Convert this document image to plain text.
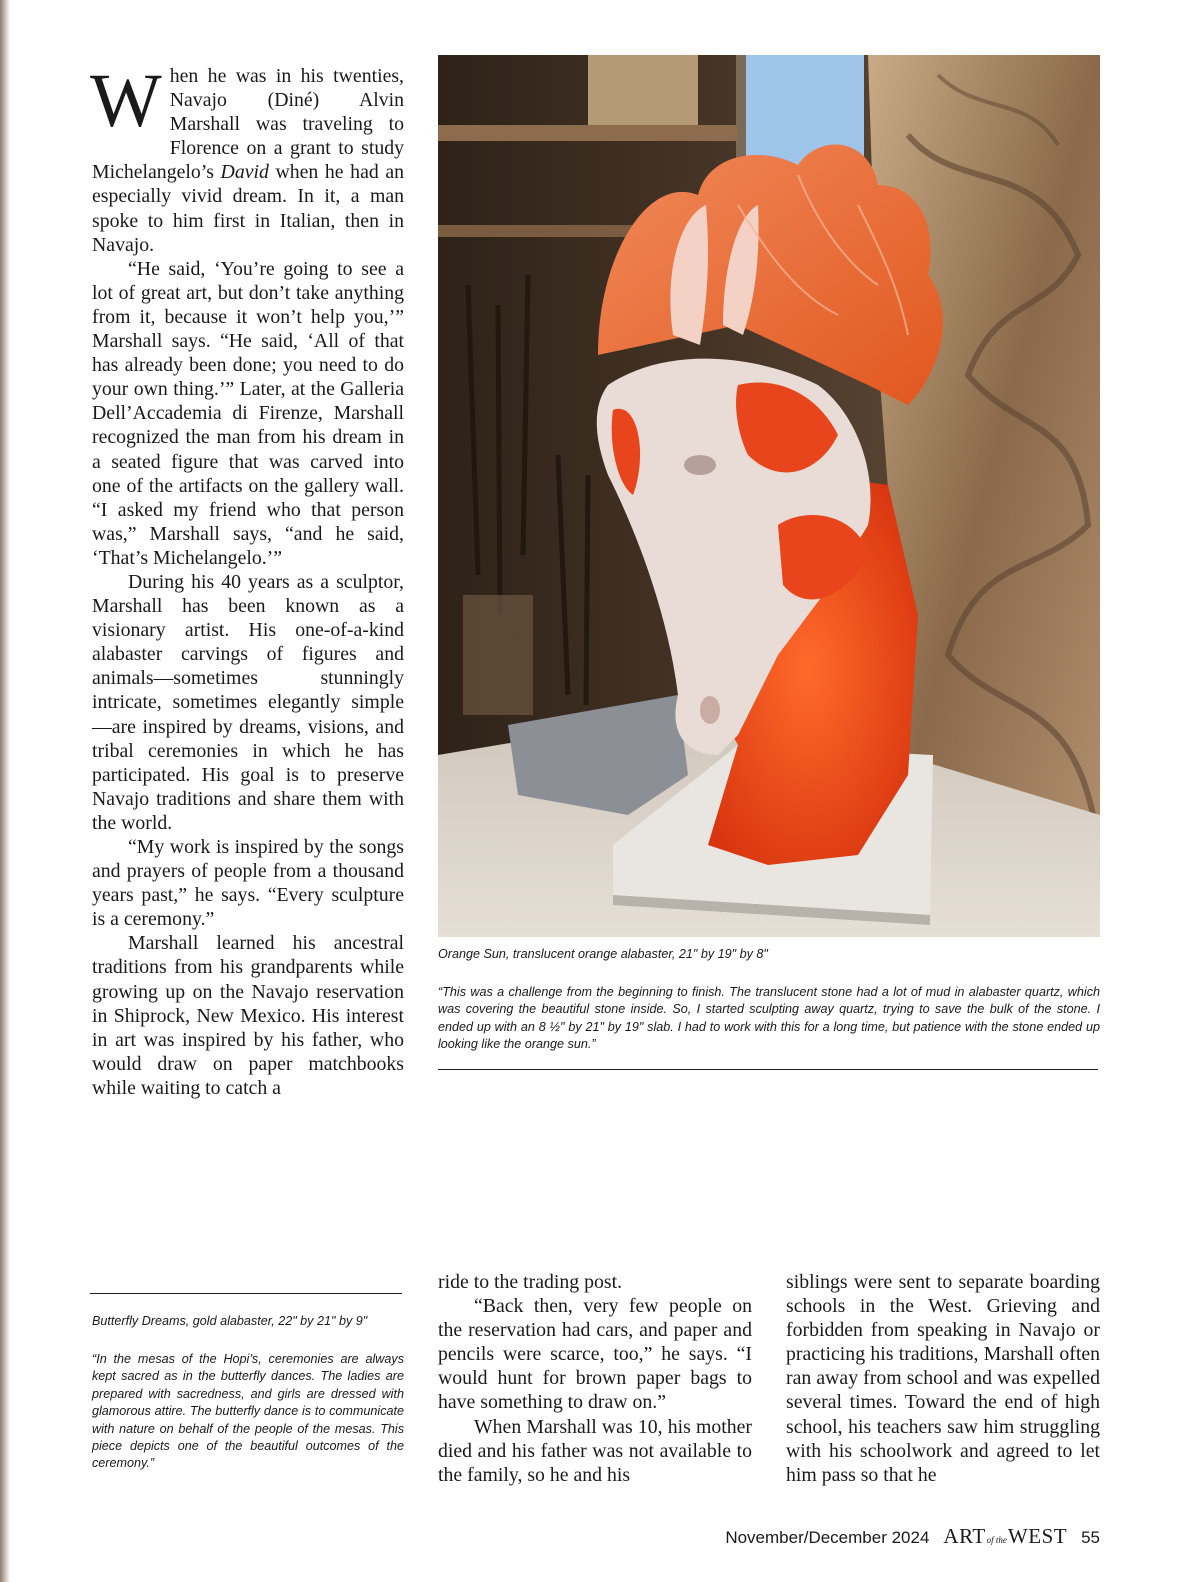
When he was in his twenties, Navajo (Diné) Alvin Marshall was traveling to Florence on a grant to study Michelangelo’s David when he had an especially vivid dream. In it, a man spoke to him first in Italian, then in Navajo.

“He said, ‘You’re going to see a lot of great art, but don’t take anything from it, because it won’t help you,’” Marshall says. “He said, ‘All of that has already been done; you need to do your own thing.’” Later, at the Galleria Dell’Accademia di Firenze, Marshall recognized the man from his dream in a seated figure that was carved into one of the artifacts on the gallery wall. “I asked my friend who that person was,” Marshall says, “and he said, ‘That’s Michelangelo.’”

During his 40 years as a sculptor, Marshall has been known as a visionary artist. His one-of-a-kind alabaster carvings of figures and animals—sometimes stunningly intricate, sometimes elegantly simple—are inspired by dreams, visions, and tribal ceremonies in which he has participated. His goal is to preserve Navajo traditions and share them with the world.

“My work is inspired by the songs and prayers of people from a thousand years past,” he says. “Every sculpture is a ceremony.”

Marshall learned his ancestral traditions from his grandparents while growing up on the Navajo reservation in Shiprock, New Mexico. His interest in art was inspired by his father, who would draw on paper matchbooks while waiting to catch a

Orange Sun, translucent orange alabaster, 21" by 19" by 8"
“This was a challenge from the beginning to finish. The translucent stone had a lot of mud in alabaster quartz, which was covering the beautiful stone inside. So, I started sculpting away quartz, trying to save the bulk of the stone. I ended up with an 8 ½" by 21" by 19" slab. I had to work with this for a long time, but patience with the stone ended up looking like the orange sun.”
Butterfly Dreams, gold alabaster, 22" by 21" by 9"
“In the mesas of the Hopi’s, ceremonies are always kept sacred as in the butterfly dances. The ladies are prepared with sacredness, and girls are dressed with glamorous attire. The butterfly dance is to communicate with nature on behalf of the people of the mesas. This piece depicts one of the beautiful outcomes of the ceremony.”

ride to the trading post.

“Back then, very few people on the reservation had cars, and paper and pencils were scarce, too,” he says. “I would hunt for brown paper bags to have something to draw on.”

When Marshall was 10, his mother died and his father was not available to the family, so he and his

siblings were sent to separate boarding schools in the West. Grieving and forbidden from speaking in Navajo or practicing his traditions, Marshall often ran away from school and was expelled several times. Toward the end of high school, his teachers saw him struggling with his schoolwork and agreed to let him pass so that he

November/December 2024 ARTof theWEST 55
